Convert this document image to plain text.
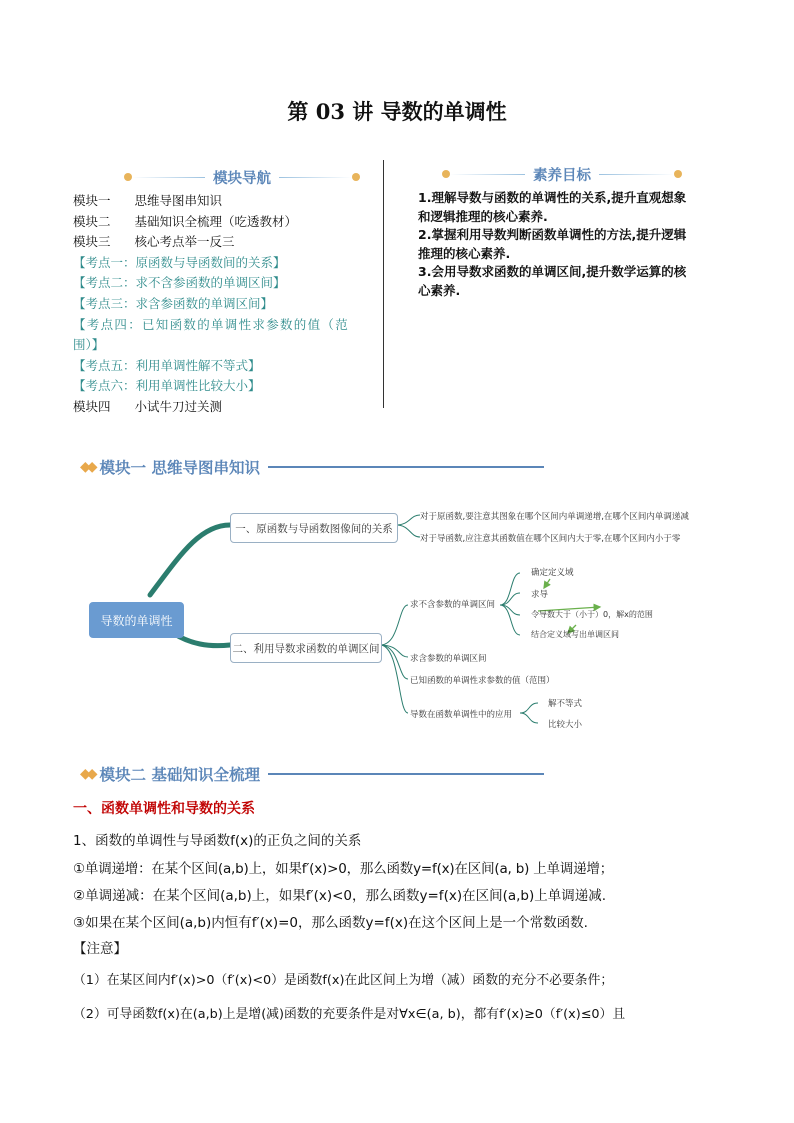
第 03 讲 导数的单调性
模块导航
模块一 思维导图串知识
模块二 基础知识全梳理（吃透教材）
模块三 核心考点举一反三
【考点一：原函数与导函数间的关系】
【考点二：求不含参函数的单调区间】
【考点三：求含参函数的单调区间】
【考点四：已知函数的单调性求参数的值（范
围）】
【考点五：利用单调性解不等式】
【考点六：利用单调性比较大小】
模块四 小试牛刀过关测
素养目标

1.理解导数与函数的单调性的关系,提升直观想象

和逻辑推理的核心素养.

2.掌握利用导数判断函数单调性的方法,提升逻辑

推理的核心素养.

3.会用导数求函数的单调区间,提升数学运算的核

心素养.

◆◆ 模块一 思维导图串知识
导数的单调性
一、原函数与导函数图像间的关系
二、利用导数求函数的单调区间
对于原函数,要注意其图象在哪个区间内单调递增,在哪个区间内单调递减
对于导函数,应注意其函数值在哪个区间内大于零,在哪个区间内小于零
求不含参数的单调区间
确定定义域
求导
令导数大于（小于）0，解x的范围
结合定义域写出单调区间
求含参数的单调区间
已知函数的单调性求参数的值（范围）
导数在函数单调性中的应用
解不等式
比较大小
◆◆ 模块二 基础知识全梳理
一、函数单调性和导数的关系
1、函数的单调性与导函数f(x)的正负之间的关系
①单调递增：在某个区间(a,b)上，如果f′(x)>0，那么函数y=f(x)在区间(a, b) 上单调递增；
②单调递减：在某个区间(a,b)上，如果f′(x)<0，那么函数y=f(x)在区间(a,b)上单调递减.
③如果在某个区间(a,b)内恒有f′(x)=0，那么函数y=f(x)在这个区间上是一个常数函数.
【注意】
（1）在某区间内f′(x)>0（f′(x)<0）是函数f(x)在此区间上为增（减）函数的充分不必要条件；
（2）可导函数f(x)在(a,b)上是增(减)函数的充要条件是对∀x∈(a, b)，都有f′(x)≥0（f′(x)≤0）且
